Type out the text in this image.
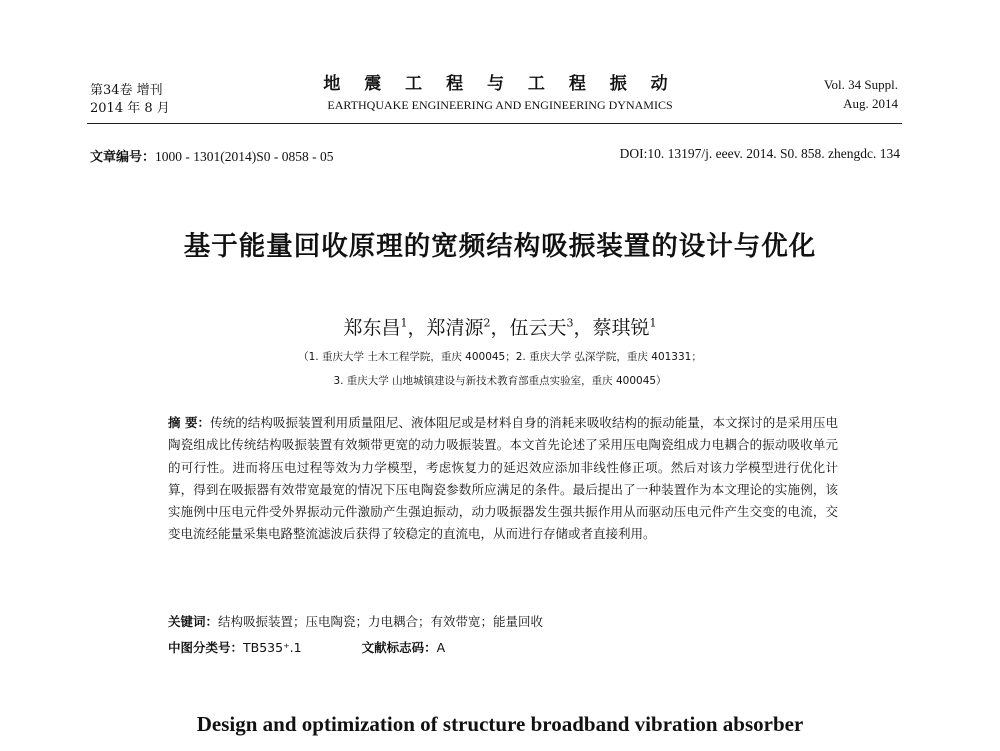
第34卷 增刊
2014 年 8 月
地 震 工 程 与 工 程 振 动
EARTHQUAKE ENGINEERING AND ENGINEERING DYNAMICS
Vol. 34 Suppl.
Aug. 2014
文章编号：1000 - 1301(2014)S0 - 0858 - 05	DOI:10. 13197/j. eeev. 2014. S0. 858. zhengdc. 134
基于能量回收原理的宽频结构吸振装置的设计与优化
郑东昌$^1$，郑清源$^2$，伍云天$^3$，蔡琪锐$^1$
（1. 重庆大学 土木工程学院，重庆 400045；2. 重庆大学 弘深学院，重庆 401331；
3. 重庆大学 山地城镇建设与新技术教育部重点实验室，重庆 400045）

摘 要：传统的结构吸振装置利用质量阻尼、液体阻尼或是材料自身的消耗来吸收结构的振动能量，本文探讨的是采用压电陶瓷组成比传统结构吸振装置有效频带更宽的动力吸振装置。本文首先论述了采用压电陶瓷组成力电耦合的振动吸收单元的可行性。进而将压电过程等效为力学模型，考虑恢复力的延迟效应添加非线性修正项。然后对该力学模型进行优化计算，得到在吸振器有效带宽最宽的情况下压电陶瓷参数所应满足的条件。最后提出了一种装置作为本文理论的实施例，该实施例中压电元件受外界振动元件激励产生强迫振动，动力吸振器发生强共振作用从而驱动压电元件产生交变的电流，交变电流经能量采集电路整流滤波后获得了较稳定的直流电，从而进行存储或者直接利用。

关键词：结构吸振装置；压电陶瓷；力电耦合；有效带宽；能量回收
中图分类号：TB535⁺.1	文献标志码：A
Design and optimization of structure broadband vibration absorber
